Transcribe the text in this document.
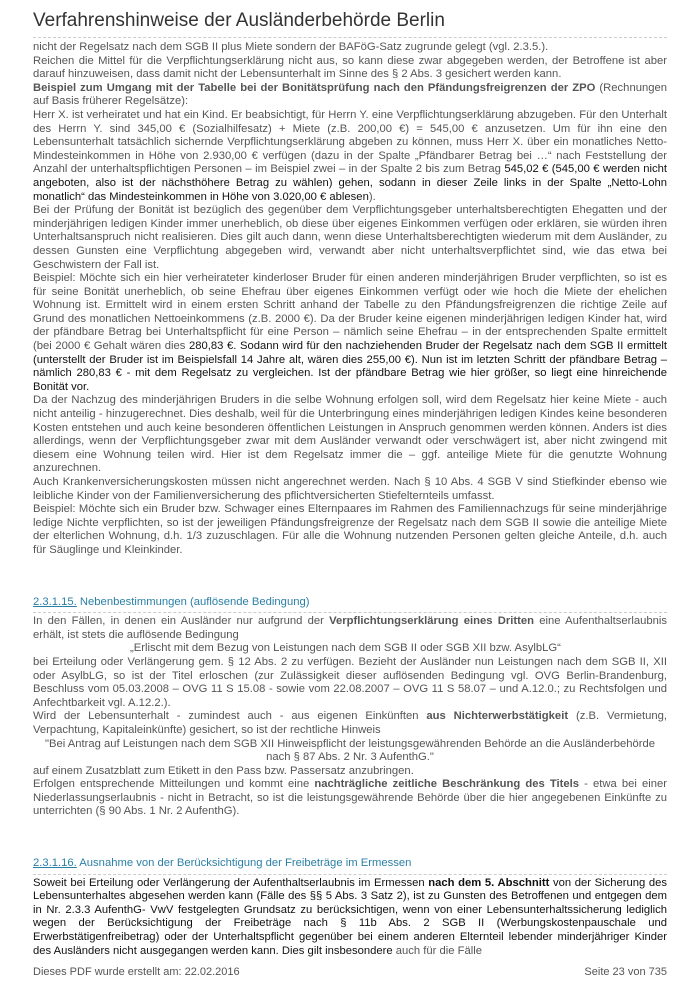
Verfahrenshinweise der Ausländerbehörde Berlin

nicht der Regelsatz nach dem SGB II plus Miete sondern der BAFöG-Satz zugrunde gelegt (vgl. 2.3.5.).

Reichen die Mittel für die Verpflichtungserklärung nicht aus, so kann diese zwar abgegeben werden, der Betroffene ist aber darauf hinzuweisen, dass damit nicht der Lebensunterhalt im Sinne des § 2 Abs. 3 gesichert werden kann.

Beispiel zum Umgang mit der Tabelle bei der Bonitätsprüfung nach den Pfändungsfreigrenzen der ZPO (Rechnungen auf Basis früherer Regelsätze):

Herr X. ist verheiratet und hat ein Kind. Er beabsichtigt, für Herrn Y. eine Verpflichtungserklärung abzugeben. Für den Unterhalt des Herrn Y. sind 345,00 € (Sozialhilfesatz) + Miete (z.B. 200,00 €) = 545,00 € anzusetzen. Um für ihn eine den Lebensunterhalt tatsächlich sichernde Verpflichtungserklärung abgeben zu können, muss Herr X. über ein monatliches Netto- Mindesteinkommen in Höhe von 2.930,00 € verfügen (dazu in der Spalte „Pfändbarer Betrag bei …“ nach Feststellung der Anzahl der unterhaltspflichtigen Personen – im Beispiel zwei – in der Spalte 2 bis zum Betrag 545,02 € (545,00 € werden nicht angeboten, also ist der nächsthöhere Betrag zu wählen) gehen, sodann in dieser Zeile links in der Spalte „Netto-Lohn monatlich“ das Mindesteinkommen in Höhe von 3.020,00 € ablesen).

Bei der Prüfung der Bonität ist bezüglich des gegenüber dem Verpflichtungsgeber unterhaltsberechtigten Ehegatten und der minderjährigen ledigen Kinder immer unerheblich, ob diese über eigenes Einkommen verfügen oder erklären, sie würden ihren Unterhaltsanspruch nicht realisieren. Dies gilt auch dann, wenn diese Unterhaltsberechtigten wiederum mit dem Ausländer, zu dessen Gunsten eine Verpflichtung abgegeben wird, verwandt aber nicht unterhaltsverpflichtet sind, wie das etwa bei Geschwistern der Fall ist.

Beispiel: Möchte sich ein hier verheirateter kinderloser Bruder für einen anderen minderjährigen Bruder verpflichten, so ist es für seine Bonität unerheblich, ob seine Ehefrau über eigenes Einkommen verfügt oder wie hoch die Miete der ehelichen Wohnung ist. Ermittelt wird in einem ersten Schritt anhand der Tabelle zu den Pfändungsfreigrenzen die richtige Zeile auf Grund des monatlichen Nettoeinkommens (z.B. 2000 €). Da der Bruder keine eigenen minderjährigen ledigen Kinder hat, wird der pfändbare Betrag bei Unterhaltspflicht für eine Person – nämlich seine Ehefrau – in der entsprechenden Spalte ermittelt (bei 2000 € Gehalt wären dies 280,83 €. Sodann wird für den nachziehenden Bruder der Regelsatz nach dem SGB II ermittelt (unterstellt der Bruder ist im Beispielsfall 14 Jahre alt, wären dies 255,00 €). Nun ist im letzten Schritt der pfändbare Betrag – nämlich 280,83 € - mit dem Regelsatz zu vergleichen. Ist der pfändbare Betrag wie hier größer, so liegt eine hinreichende Bonität vor.

Da der Nachzug des minderjährigen Bruders in die selbe Wohnung erfolgen soll, wird dem Regelsatz hier keine Miete - auch nicht anteilig - hinzugerechnet. Dies deshalb, weil für die Unterbringung eines minderjährigen ledigen Kindes keine besonderen Kosten entstehen und auch keine besonderen öffentlichen Leistungen in Anspruch genommen werden können. Anders ist dies allerdings, wenn der Verpflichtungsgeber zwar mit dem Ausländer verwandt oder verschwägert ist, aber nicht zwingend mit diesem eine Wohnung teilen wird. Hier ist dem Regelsatz immer die – ggf. anteilige Miete für die genutzte Wohnung anzurechnen.

Auch Krankenversicherungskosten müssen nicht angerechnet werden. Nach § 10 Abs. 4 SGB V sind Stiefkinder ebenso wie leibliche Kinder von der Familienversicherung des pflichtversicherten Stiefelternteils umfasst.

Beispiel: Möchte sich ein Bruder bzw. Schwager eines Elternpaares im Rahmen des Familiennachzugs für seine minderjährige ledige Nichte verpflichten, so ist der jeweiligen Pfändungsfreigrenze der Regelsatz nach dem SGB II sowie die anteilige Miete der elterlichen Wohnung, d.h. 1/3 zuzuschlagen. Für alle die Wohnung nutzenden Personen gelten gleiche Anteile, d.h. auch für Säuglinge und Kleinkinder.

2.3.1.15. Nebenbestimmungen (auflösende Bedingung)

In den Fällen, in denen ein Ausländer nur aufgrund der Verpflichtungserklärung eines Dritten eine Aufenthaltserlaubnis erhält, ist stets die auflösende Bedingung

„Erlischt mit dem Bezug von Leistungen nach dem SGB II oder SGB XII bzw. AsylbLG“

bei Erteilung oder Verlängerung gem. § 12 Abs. 2 zu verfügen. Bezieht der Ausländer nun Leistungen nach dem SGB II, XII oder AsylbLG, so ist der Titel erloschen (zur Zulässigkeit dieser auflösenden Bedingung vgl. OVG Berlin-Brandenburg, Beschluss vom 05.03.2008 – OVG 11 S 15.08 - sowie vom 22.08.2007 – OVG 11 S 58.07 – und A.12.0.; zu Rechtsfolgen und Anfechtbarkeit vgl. A.12.2.).

Wird der Lebensunterhalt - zumindest auch - aus eigenen Einkünften aus Nichterwerbstätigkeit (z.B. Vermietung, Verpachtung, Kapitaleinkünfte) gesichert, so ist der rechtliche Hinweis

"Bei Antrag auf Leistungen nach dem SGB XII Hinweispflicht der leistungsgewährenden Behörde an die Ausländerbehörde

nach § 87 Abs. 2 Nr. 3 AufenthG."

auf einem Zusatzblatt zum Etikett in den Pass bzw. Passersatz anzubringen.

Erfolgen entsprechende Mitteilungen und kommt eine nachträgliche zeitliche Beschränkung des Titels - etwa bei einer Niederlassungserlaubnis - nicht in Betracht, so ist die leistungsgewährende Behörde über die hier angegebenen Einkünfte zu unterrichten (§ 90 Abs. 1 Nr. 2 AufenthG).

2.3.1.16. Ausnahme von der Berücksichtigung der Freibeträge im Ermessen

Soweit bei Erteilung oder Verlängerung der Aufenthaltserlaubnis im Ermessen nach dem 5. Abschnitt von der Sicherung des Lebensunterhaltes abgesehen werden kann (Fälle des §§ 5 Abs. 3 Satz 2), ist zu Gunsten des Betroffenen und entgegen dem in Nr. 2.3.3 AufenthG- VwV festgelegten Grundsatz zu berücksichtigen, wenn von einer Lebensunterhaltssicherung lediglich wegen der Berücksichtigung der Freibeträge nach § 11b Abs. 2 SGB II (Werbungskostenpauschale und Erwerbstätigenfreibetrag) oder der Unterhaltspflicht gegenüber bei einem anderen Elternteil lebender minderjähriger Kinder des Ausländers nicht ausgegangen werden kann. Dies gilt insbesondere auch für die Fälle

Dieses PDF wurde erstellt am: 22.02.2016	Seite 23 von 735
